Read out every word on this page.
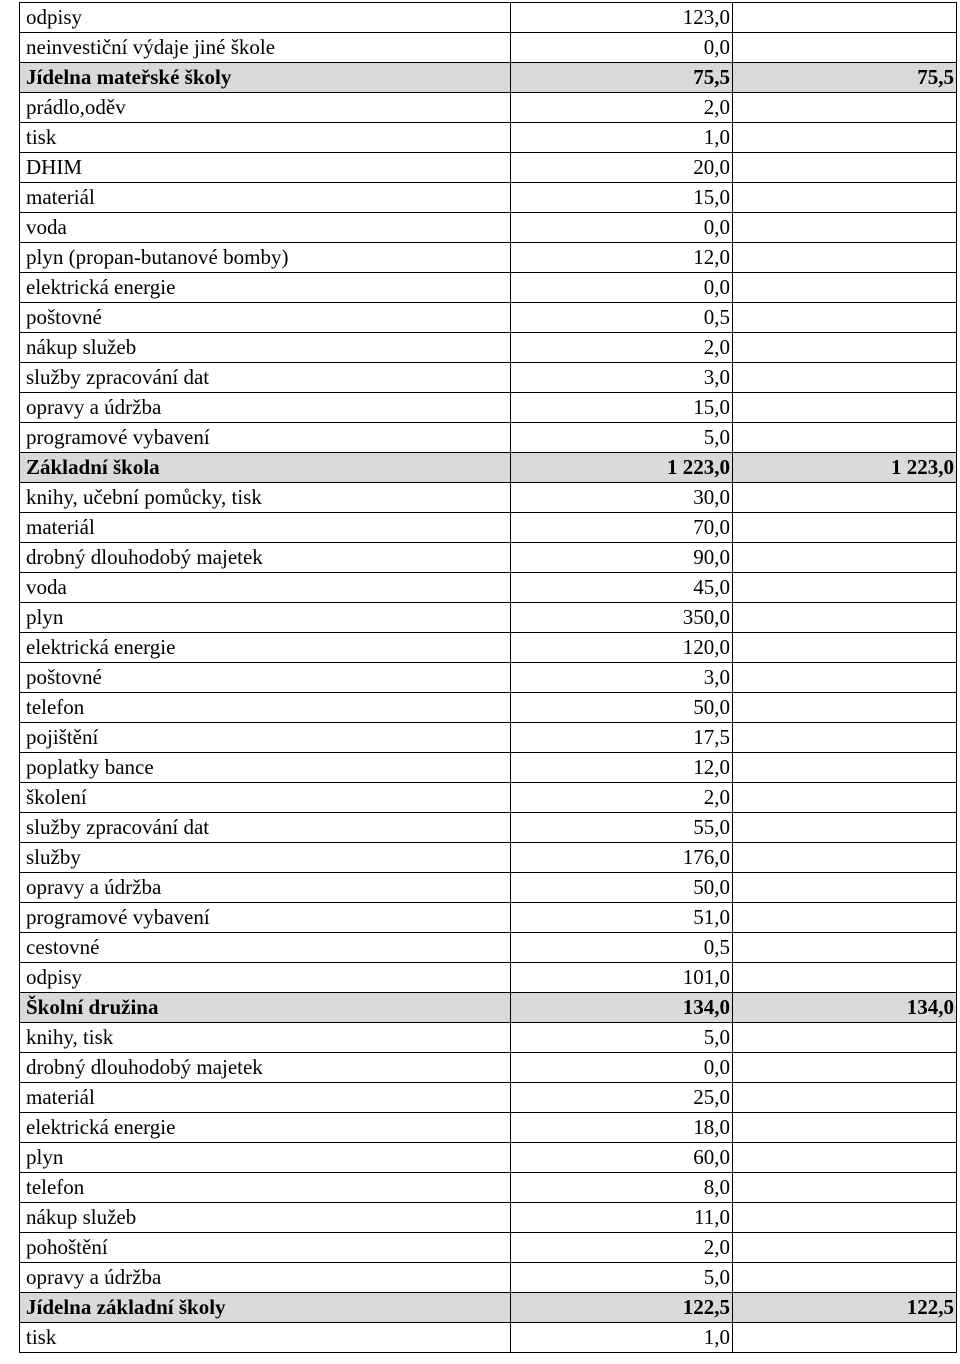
odpisy	123,0	
neinvestiční výdaje jiné škole	0,0	
Jídelna mateřské školy	75,5	75,5
prádlo,oděv	2,0	
tisk	1,0	
DHIM	20,0	
materiál	15,0	
voda	0,0	
plyn (propan-butanové bomby)	12,0	
elektrická energie	0,0	
poštovné	0,5	
nákup služeb	2,0	
služby zpracování dat	3,0	
opravy a údržba	15,0	
programové vybavení	5,0	
Základní škola	1 223,0	1 223,0
knihy, učební pomůcky, tisk	30,0	
materiál	70,0	
drobný dlouhodobý majetek	90,0	
voda	45,0	
plyn	350,0	
elektrická energie	120,0	
poštovné	3,0	
telefon	50,0	
pojištění	17,5	
poplatky bance	12,0	
školení	2,0	
služby zpracování dat	55,0	
služby	176,0	
opravy a údržba	50,0	
programové vybavení	51,0	
cestovné	0,5	
odpisy	101,0	
Školní družina	134,0	134,0
knihy, tisk	5,0	
drobný dlouhodobý majetek	0,0	
materiál	25,0	
elektrická energie	18,0	
plyn	60,0	
telefon	8,0	
nákup služeb	11,0	
pohoštění	2,0	
opravy a údržba	5,0	
Jídelna základní školy	122,5	122,5
tisk	1,0	
